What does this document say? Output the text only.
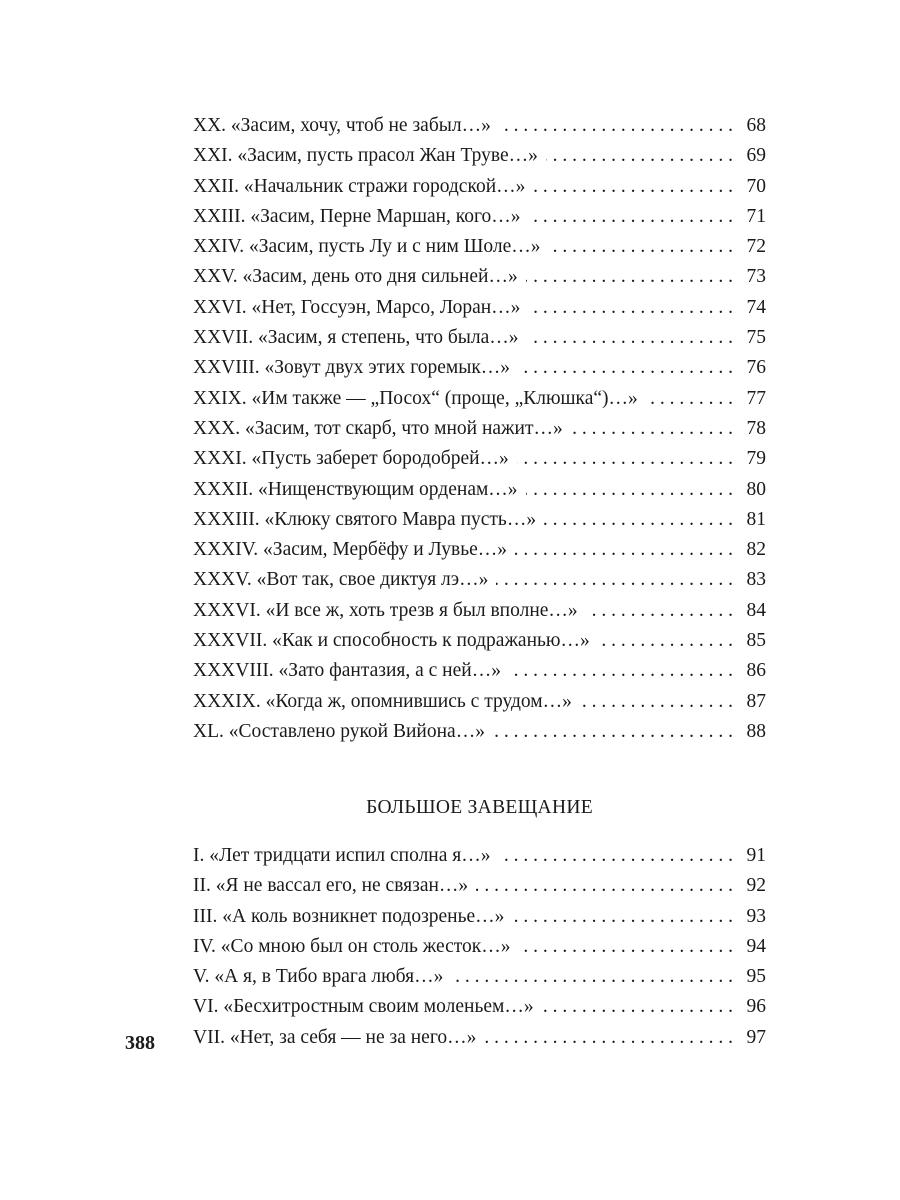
XX. «Засим, хочу, чтоб не забыл…» . . .	68
XXI. «Засим, пусть прасол Жан Труве…» . . .	69
XXII. «Начальник стражи городской…» . . .	70
XXIII. «Засим, Перне Маршан, кого…» . . .	71
XXIV. «Засим, пусть Лу и с ним Шоле…» . . .	72
XXV. «Засим, день ото дня сильней…» . . .	73
XXVI. «Нет, Госсуэн, Марсо, Лоран…» . . .	74
XXVII. «Засим, я степень, что была…» . . .	75
XXVIII. «Зовут двух этих горемык…» . . .	76
XXIX. «Им также — „Посох“ (проще, „Клюшка“)…» . . .	77
XXX. «Засим, тот скарб, что мной нажит…» . . .	78
XXXI. «Пусть заберет бородобрей…» . . .	79
XXXII. «Нищенствующим орденам…» . . .	80
XXXIII. «Клюку святого Мавра пусть…» . . .	81
XXXIV. «Засим, Мербёфу и Лувье…» . . .	82
XXXV. «Вот так, свое диктуя лэ…» . . .	83
XXXVI. «И все ж, хоть трезв я был вполне…» . . .	84
XXXVII. «Как и способность к подражанью…» . . .	85
XXXVIII. «Зато фантазия, а с ней…» . . .	86
XXXIX. «Когда ж, опомнившись с трудом…» . . .	87
XL. «Составлено рукой Вийона…» . . .	88
БОЛЬШОЕ ЗАВЕЩАНИЕ
I. «Лет тридцати испил сполна я…» . . .	91
II. «Я не вассал его, не связан…» . . .	92
III. «А коль возникнет подозренье…» . . .	93
IV. «Со мною был он столь жесток…» . . .	94
V. «А я, в Тибо врага любя…» . . .	95
VI. «Бесхитростным своим моленьем…» . . .	96
VII. «Нет, за себя — не за него…» . . .	97
388
